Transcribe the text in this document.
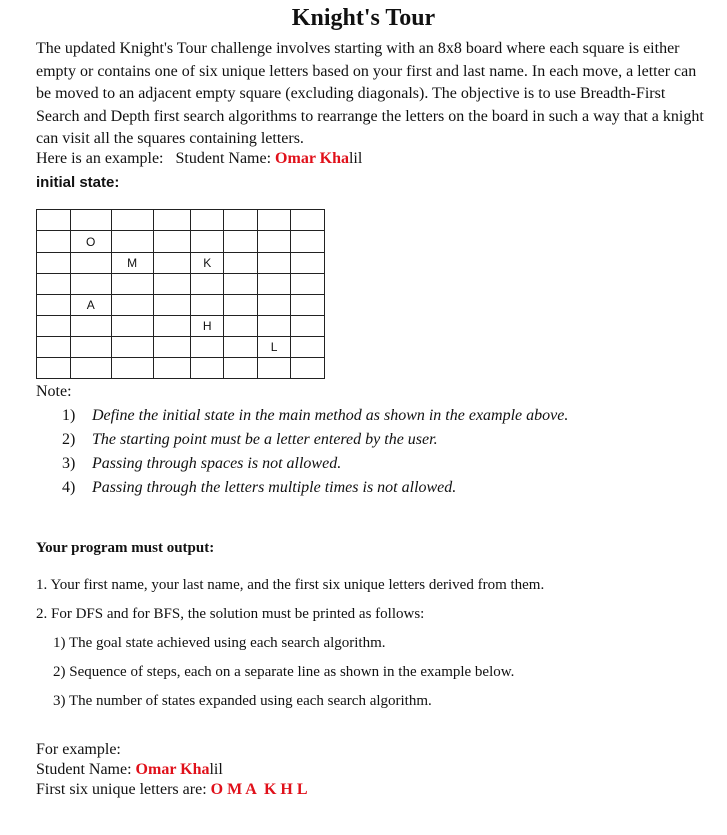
Knight's Tour

The updated Knight's Tour challenge involves starting with an 8x8 board where each square is either empty or contains one of six unique letters based on your first and last name. In each move, a letter can be moved to an adjacent empty square (excluding diagonals). The objective is to use Breadth-First Search and Depth first search algorithms to rearrange the letters on the board in such a way that a knight can visit all the squares containing letters.

Here is an example:   Student Name: Omar Khalil
initial state:

	O						
		M		K			

	A						
				H			
						L	

Note:
1) Define the initial state in the main method as shown in the example above.
2) The starting point must be a letter entered by the user.
3) Passing through spaces is not allowed.
4) Passing through the letters multiple times is not allowed.
Your program must output:
1. Your first name, your last name, and the first six unique letters derived from them.
2. For DFS and for BFS, the solution must be printed as follows:
1) The goal state achieved using each search algorithm.
2) Sequence of steps, each on a separate line as shown in the example below.
3) The number of states expanded using each search algorithm.
For example:
Student Name: Omar Khalil
First six unique letters are: O M A  K H L
